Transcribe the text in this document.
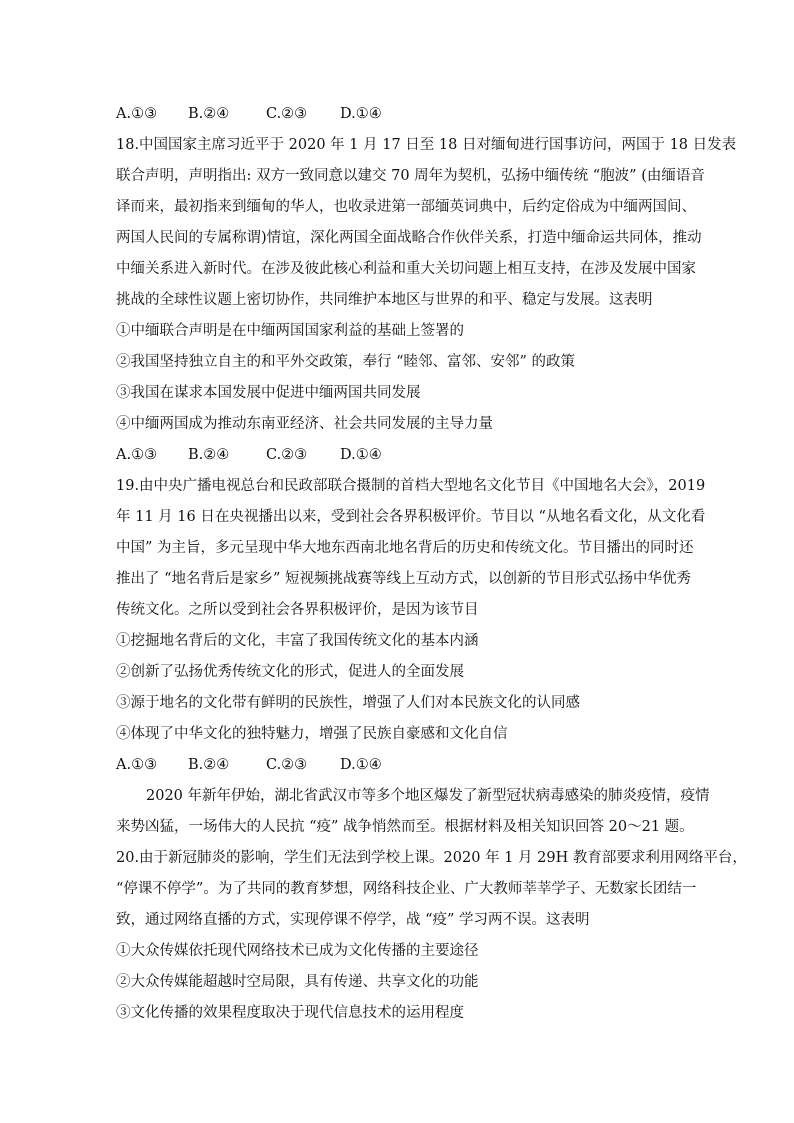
A.①③ B.②④	C.②③ D.①④
18.中国国家主席习近平于 2020 年 1 月 17 日至 18 日对缅甸进行国事访问，两国于 18 日发表
联合声明，声明指出: 双方一致同意以建交 70 周年为契机，弘扬中缅传统 “胞波” (由缅语音
译而来，最初指来到缅甸的华人，也收录进第一部缅英词典中，后约定俗成为中缅两国间、
两国人民间的专属称谓)情谊，深化两国全面战略合作伙伴关系，打造中缅命运共同体，推动
中缅关系进入新时代。在涉及彼此核心利益和重大关切问题上相互支持，在涉及发展中国家
挑战的全球性议题上密切协作，共同维护本地区与世界的和平、稳定与发展。这表明
①中缅联合声明是在中缅两国国家利益的基础上签署的
②我国坚持独立自主的和平外交政策，奉行 “睦邻、富邻、安邻” 的政策
③我国在谋求本国发展中促进中缅两国共同发展
④中缅两国成为推动东南亚经济、社会共同发展的主导力量
A.①③ B.②④	C.②③ D.①④
19.由中央广播电视总台和民政部联合摄制的首档大型地名文化节目《中国地名大会》，2019
年 11 月 16 日在央视播出以来，受到社会各界积极评价。节目以 “从地名看文化，从文化看
中国” 为主旨，多元呈现中华大地东西南北地名背后的历史和传统文化。节目播出的同时还
推出了 “地名背后是家乡” 短视频挑战赛等线上互动方式，以创新的节目形式弘扬中华优秀
传统文化。之所以受到社会各界积极评价，是因为该节目
①挖掘地名背后的文化，丰富了我国传统文化的基本内涵
②创新了弘扬优秀传统文化的形式，促进人的全面发展
③源于地名的文化带有鲜明的民族性，增强了人们对本民族文化的认同感
④体现了中华文化的独特魅力，增强了民族自豪感和文化自信
A.①③ B.②④	C.②③ D.①④
2020 年新年伊始，湖北省武汉市等多个地区爆发了新型冠状病毒感染的肺炎疫情，疫情
来势凶猛，一场伟大的人民抗 “疫” 战争悄然而至。根据材料及相关知识回答 20～21 题。
20.由于新冠肺炎的影响，学生们无法到学校上课。2020 年 1 月 29H 教育部要求利用网络平台，
“停课不停学”。为了共同的教育梦想，网络科技企业、广大教师莘莘学子、无数家长团结一
致，通过网络直播的方式，实现停课不停学，战 “疫” 学习两不误。这表明
①大众传媒依托现代网络技术已成为文化传播的主要途径
②大众传媒能超越时空局限，具有传递、共享文化的功能
③文化传播的效果程度取决于现代信息技术的运用程度
